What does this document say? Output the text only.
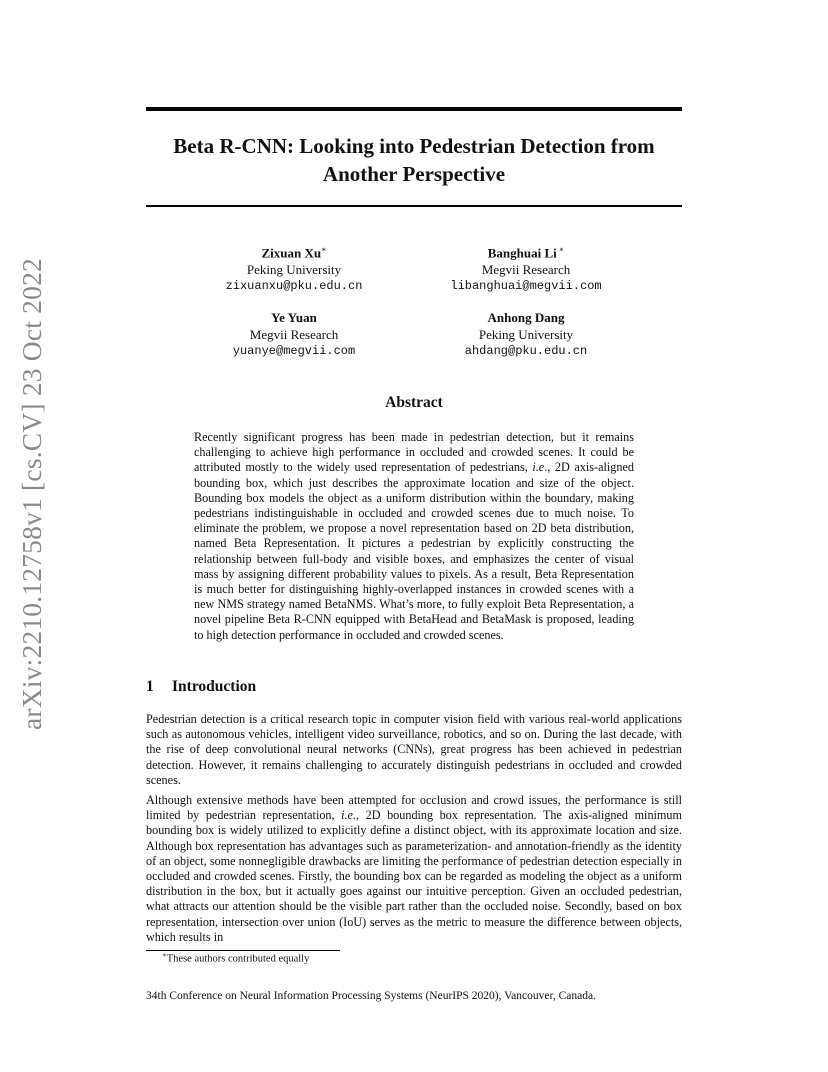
arXiv:2210.12758v1 [cs.CV] 23 Oct 2022
Beta R-CNN: Looking into Pedestrian Detection from
Another Perspective
Zixuan Xu∗
Peking University
zixuanxu@pku.edu.cn
Banghuai Li ∗
Megvii Research
libanghuai@megvii.com
Ye Yuan
Megvii Research
yuanye@megvii.com
Anhong Dang
Peking University
ahdang@pku.edu.cn
Abstract

Recently significant progress has been made in pedestrian detection, but it remains challenging to achieve high performance in occluded and crowded scenes. It could be attributed mostly to the widely used representation of pedestrians, i.e., 2D axis-aligned bounding box, which just describes the approximate location and size of the object. Bounding box models the object as a uniform distribution within the boundary, making pedestrians indistinguishable in occluded and crowded scenes due to much noise. To eliminate the problem, we propose a novel representation based on 2D beta distribution, named Beta Representation. It pictures a pedestrian by explicitly constructing the relationship between full-body and visible boxes, and emphasizes the center of visual mass by assigning different probability values to pixels. As a result, Beta Representation is much better for distinguishing highly-overlapped instances in crowded scenes with a new NMS strategy named BetaNMS. What’s more, to fully exploit Beta Representation, a novel pipeline Beta R-CNN equipped with BetaHead and BetaMask is proposed, leading to high detection performance in occluded and crowded scenes.

1 Introduction

Pedestrian detection is a critical research topic in computer vision field with various real-world applications such as autonomous vehicles, intelligent video surveillance, robotics, and so on. During the last decade, with the rise of deep convolutional neural networks (CNNs), great progress has been achieved in pedestrian detection. However, it remains challenging to accurately distinguish pedestrians in occluded and crowded scenes.

Although extensive methods have been attempted for occlusion and crowd issues, the performance is still limited by pedestrian representation, i.e., 2D bounding box representation. The axis-aligned minimum bounding box is widely utilized to explicitly define a distinct object, with its approximate location and size. Although box representation has advantages such as parameterization- and annotation-friendly as the identity of an object, some nonnegligible drawbacks are limiting the performance of pedestrian detection especially in occluded and crowded scenes. Firstly, the bounding box can be regarded as modeling the object as a uniform distribution in the box, but it actually goes against our intuitive perception. Given an occluded pedestrian, what attracts our attention should be the visible part rather than the occluded noise. Secondly, based on box representation, intersection over union (IoU) serves as the metric to measure the difference between objects, which results in

∗These authors contributed equally
34th Conference on Neural Information Processing Systems (NeurIPS 2020), Vancouver, Canada.
